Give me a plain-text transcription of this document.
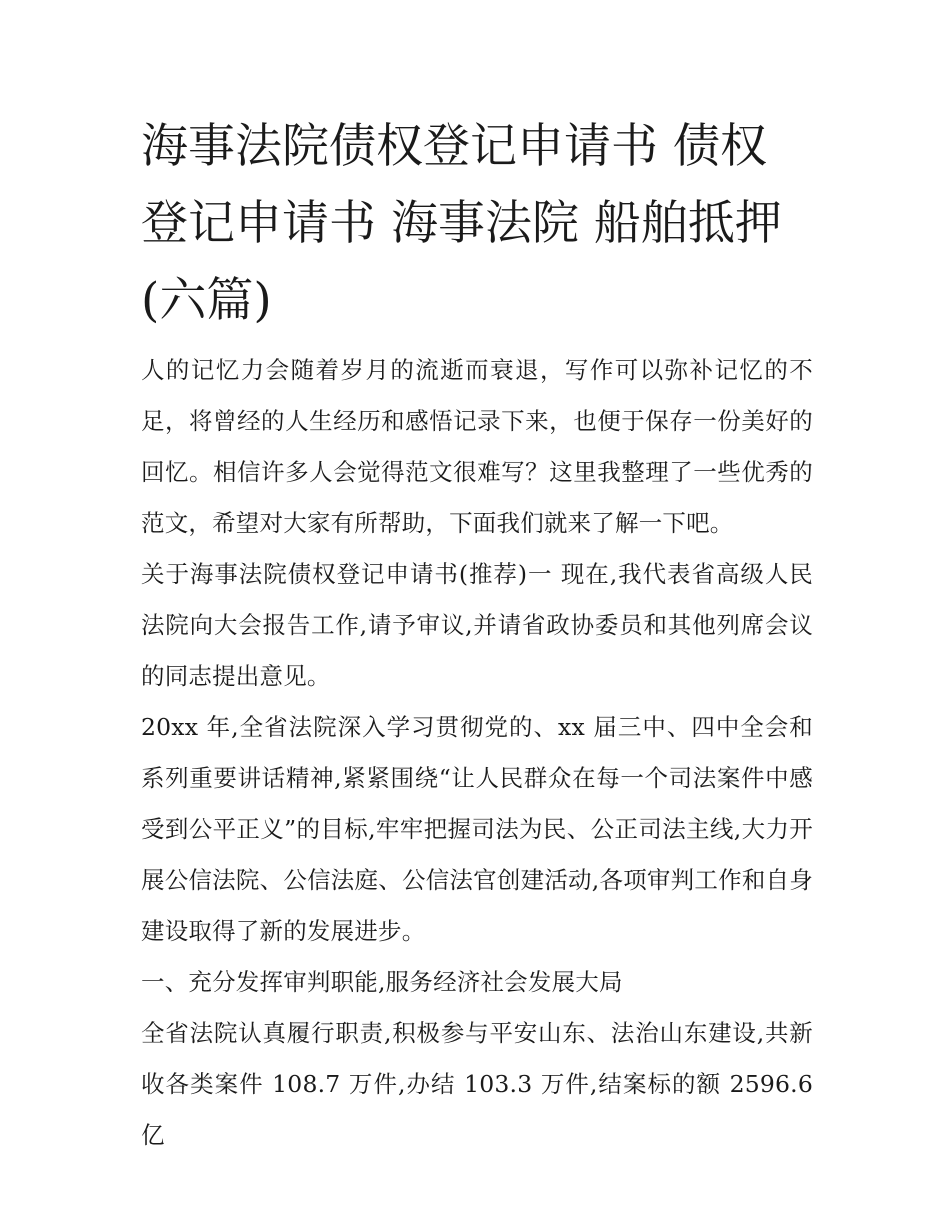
海事法院债权登记申请书 债权登记申请书 海事法院 船舶抵押(六篇)

人的记忆力会随着岁月的流逝而衰退，写作可以弥补记忆的不足，将曾经的人生经历和感悟记录下来，也便于保存一份美好的回忆。相信许多人会觉得范文很难写？这里我整理了一些优秀的范文，希望对大家有所帮助，下面我们就来了解一下吧。

关于海事法院债权登记申请书(推荐)一 现在,我代表省高级人民法院向大会报告工作,请予审议,并请省政协委员和其他列席会议的同志提出意见。

20xx 年,全省法院深入学习贯彻党的、xx 届三中、四中全会和系列重要讲话精神,紧紧围绕“让人民群众在每一个司法案件中感受到公平正义”的目标,牢牢把握司法为民、公正司法主线,大力开展公信法院、公信法庭、公信法官创建活动,各项审判工作和自身建设取得了新的发展进步。

一、充分发挥审判职能,服务经济社会发展大局

全省法院认真履行职责,积极参与平安山东、法治山东建设,共新收各类案件 108.7 万件,办结 103.3 万件,结案标的额 2596.6 亿
